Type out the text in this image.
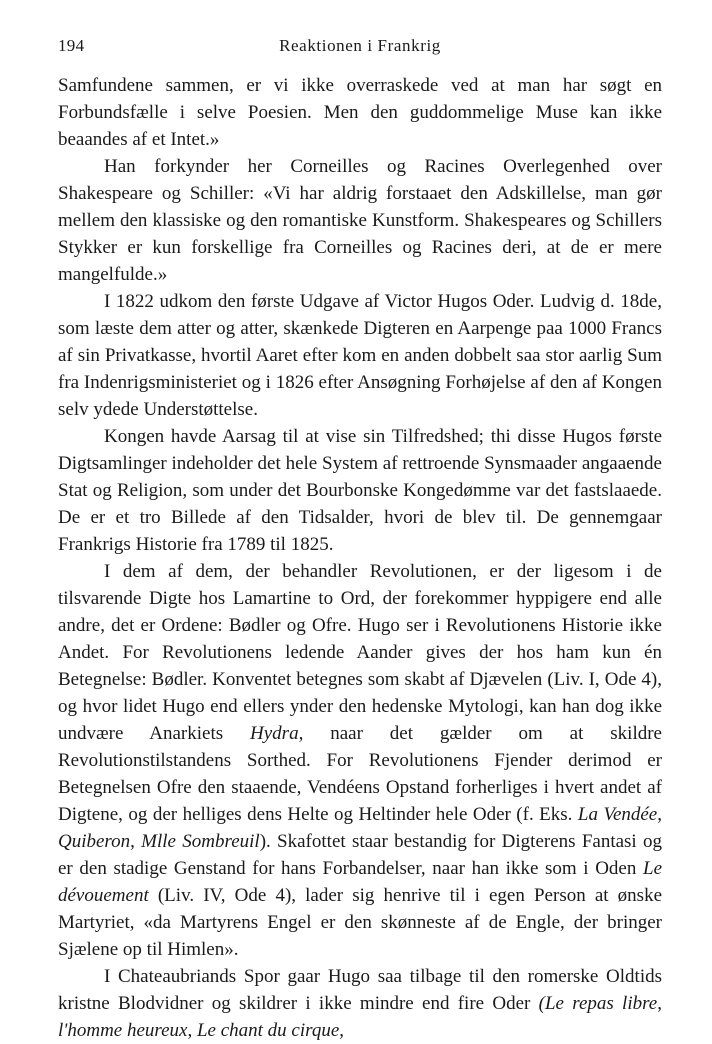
194	Reaktionen i Frankrig

Samfundene sammen, er vi ikke overraskede ved at man har søgt en Forbundsfælle i selve Poesien. Men den guddommelige Muse kan ikke beaandes af et Intet.»

Han forkynder her Corneilles og Racines Overlegenhed over Shakespeare og Schiller: «Vi har aldrig forstaaet den Adskillelse, man gør mellem den klassiske og den romantiske Kunstform. Shakespeares og Schillers Stykker er kun forskellige fra Corneilles og Racines deri, at de er mere mangelfulde.»

I 1822 udkom den første Udgave af Victor Hugos Oder. Ludvig d. 18de, som læste dem atter og atter, skænkede Digteren en Aarpenge paa 1000 Francs af sin Privatkasse, hvortil Aaret efter kom en anden dobbelt saa stor aarlig Sum fra Indenrigsministeriet og i 1826 efter Ansøgning Forhøjelse af den af Kongen selv ydede Understøttelse.

Kongen havde Aarsag til at vise sin Tilfredshed; thi disse Hugos første Digtsamlinger indeholder det hele System af rettroende Synsmaader angaaende Stat og Religion, som under det Bourbonske Kongedømme var det fastslaaede. De er et tro Billede af den Tidsalder, hvori de blev til. De gennemgaar Frankrigs Historie fra 1789 til 1825.

I dem af dem, der behandler Revolutionen, er der ligesom i de tilsvarende Digte hos Lamartine to Ord, der forekommer hyppigere end alle andre, det er Ordene: Bødler og Ofre. Hugo ser i Revolutionens Historie ikke Andet. For Revolutionens ledende Aander gives der hos ham kun én Betegnelse: Bødler. Konventet betegnes som skabt af Djævelen (Liv. I, Ode 4), og hvor lidet Hugo end ellers ynder den hedenske Mytologi, kan han dog ikke undvære Anarkiets Hydra, naar det gælder om at skildre Revolutionstilstandens Sorthed. For Revolutionens Fjender derimod er Betegnelsen Ofre den staaende, Vendéens Opstand forherliges i hvert andet af Digtene, og der helliges dens Helte og Heltinder hele Oder (f. Eks. La Vendée, Quiberon, Mlle Sombreuil). Skafottet staar bestandig for Digterens Fantasi og er den stadige Genstand for hans Forbandelser, naar han ikke som i Oden Le dévouement (Liv. IV, Ode 4), lader sig henrive til i egen Person at ønske Martyriet, «da Martyrens Engel er den skønneste af de Engle, der bringer Sjælene op til Himlen».

I Chateaubriands Spor gaar Hugo saa tilbage til den romerske Oldtids kristne Blodvidner og skildrer i ikke mindre end fire Oder (Le repas libre, l'homme heureux, Le chant du cirque,
